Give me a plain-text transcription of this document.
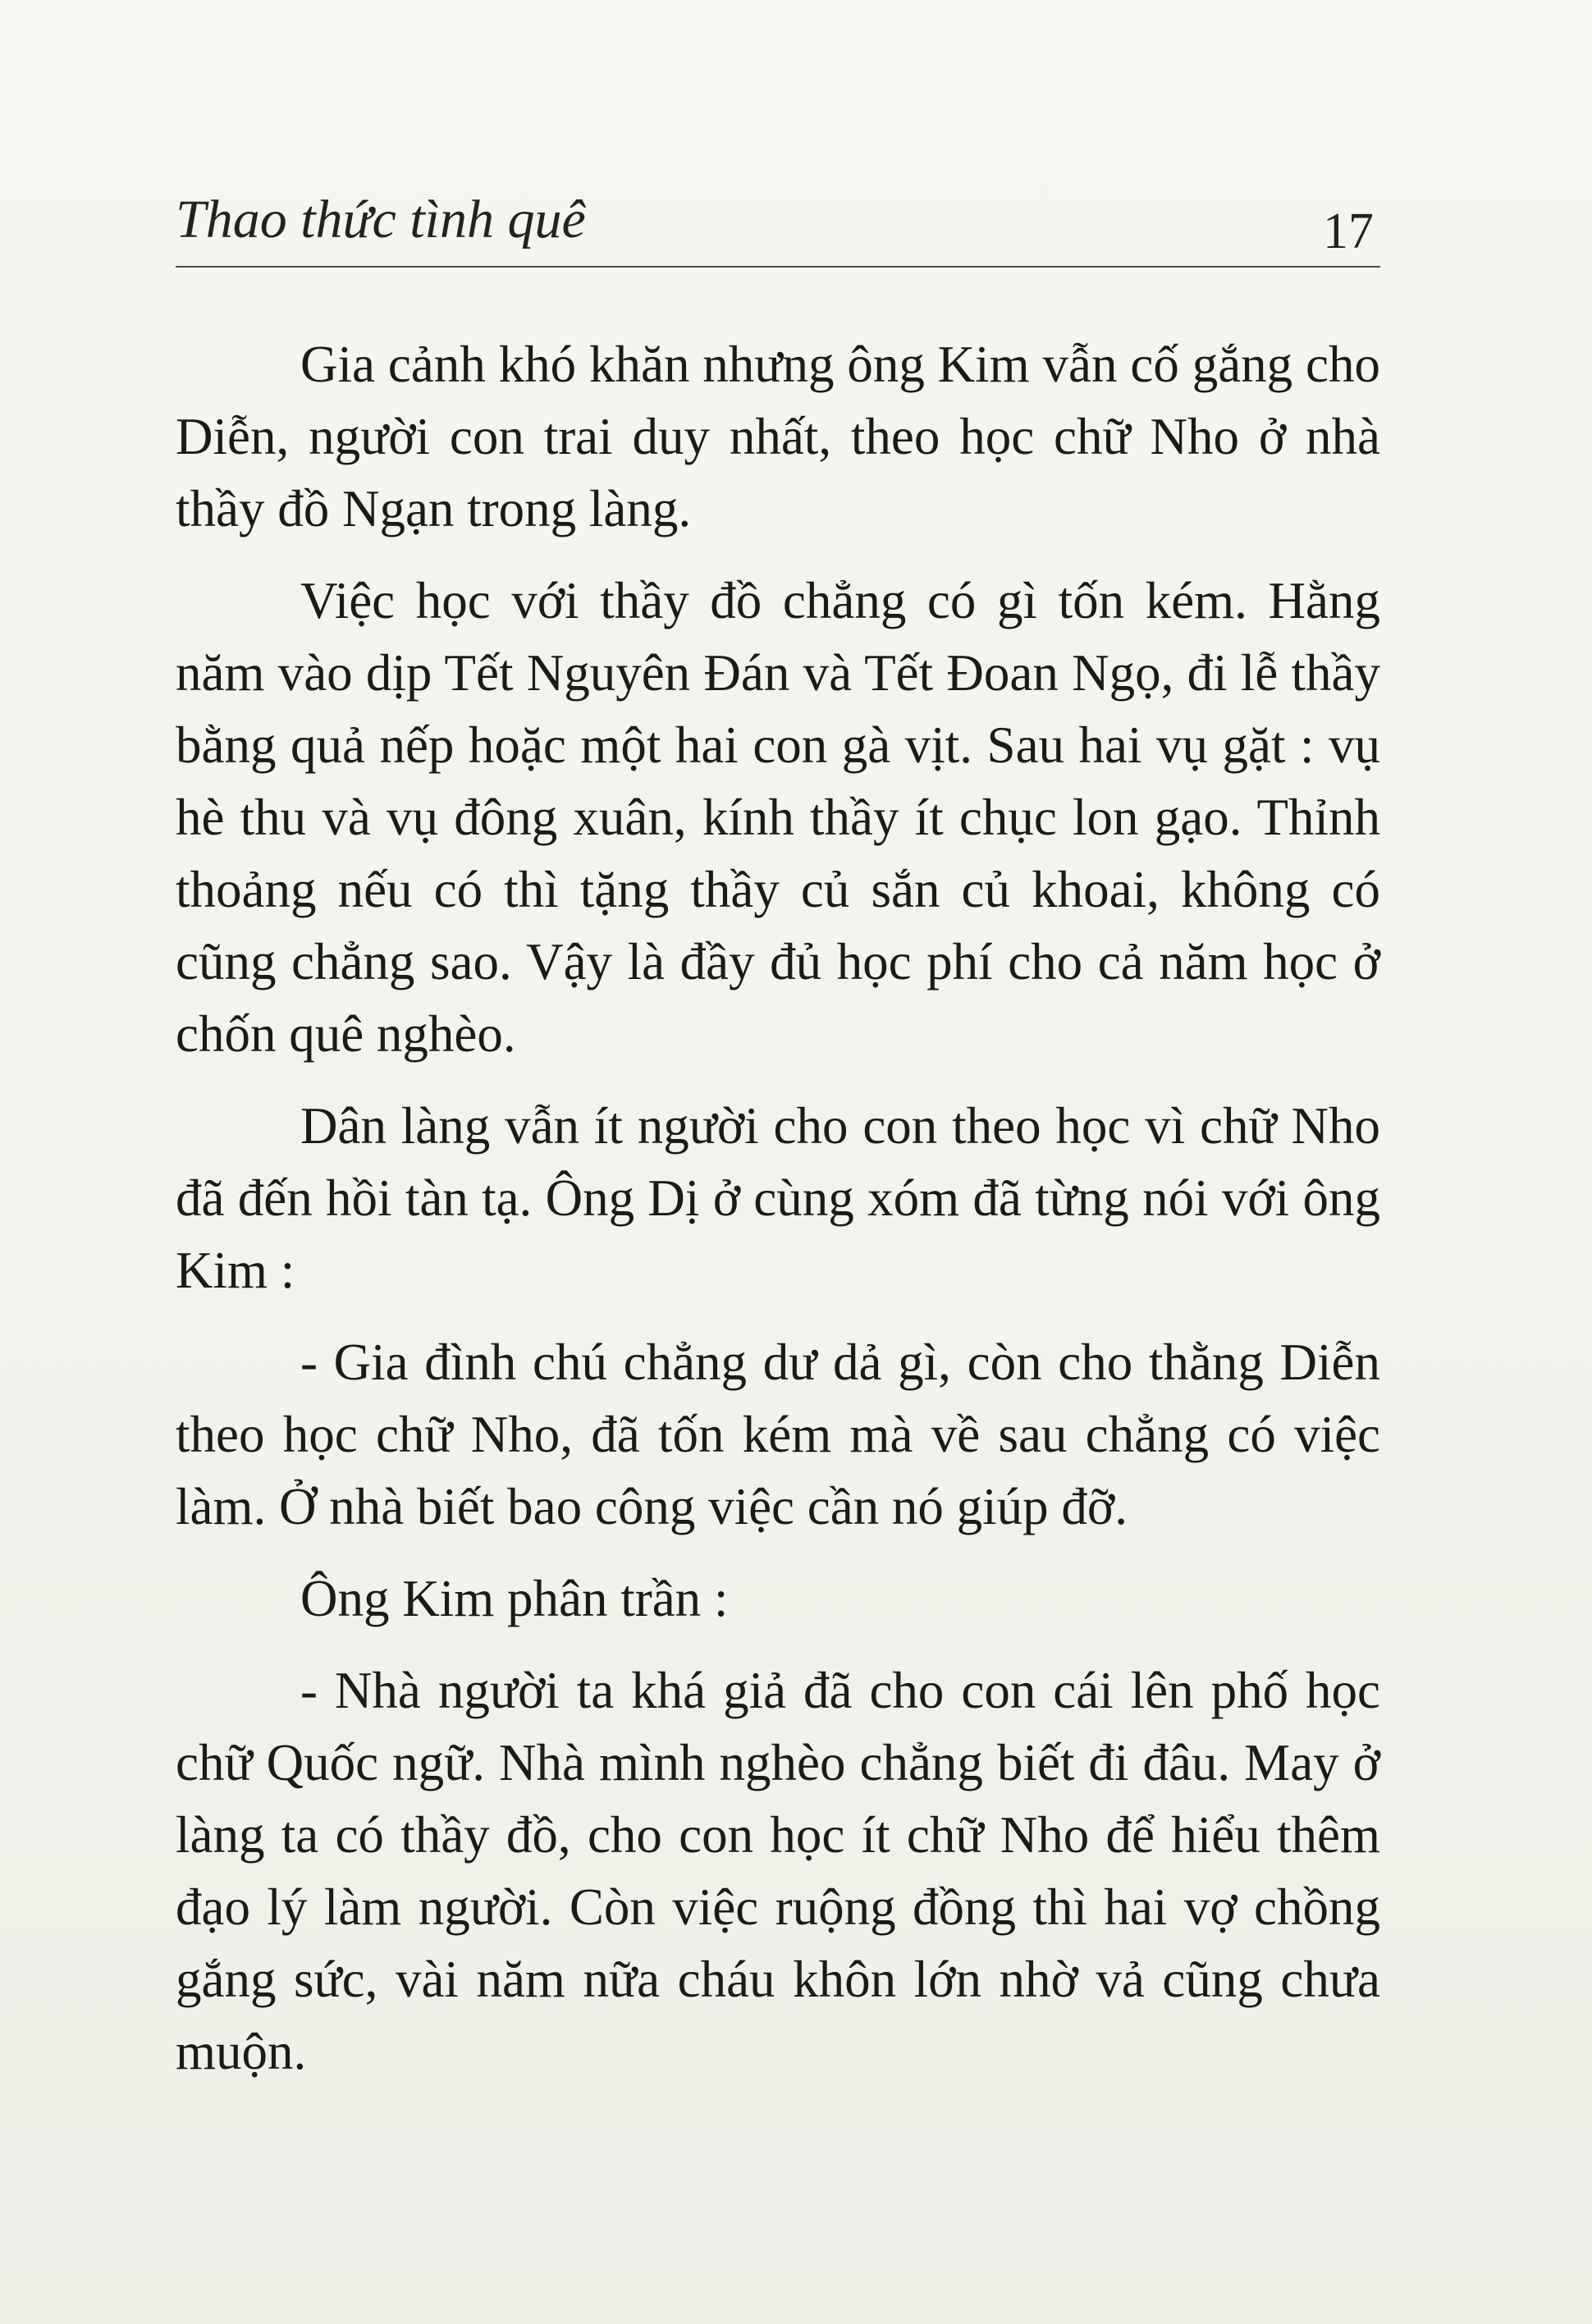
Thao thức tình quê	17

Gia cảnh khó khăn nhưng ông Kim vẫn cố gắng cho Diễn, người con trai duy nhất, theo học chữ Nho ở nhà thầy đồ Ngạn trong làng.

Việc học với thầy đồ chẳng có gì tốn kém. Hằng năm vào dịp Tết Nguyên Đán và Tết Đoan Ngọ, đi lễ thầy bằng quả nếp hoặc một hai con gà vịt. Sau hai vụ gặt : vụ hè thu và vụ đông xuân, kính thầy ít chục lon gạo. Thỉnh thoảng nếu có thì tặng thầy củ sắn củ khoai, không có cũng chẳng sao. Vậy là đầy đủ học phí cho cả năm học ở chốn quê nghèo.

Dân làng vẫn ít người cho con theo học vì chữ Nho đã đến hồi tàn tạ. Ông Dị ở cùng xóm đã từng nói với ông Kim :

- Gia đình chú chẳng dư dả gì, còn cho thằng Diễn theo học chữ Nho, đã tốn kém mà về sau chẳng có việc làm. Ở nhà biết bao công việc cần nó giúp đỡ.

Ông Kim phân trần :

- Nhà người ta khá giả đã cho con cái lên phố học chữ Quốc ngữ. Nhà mình nghèo chẳng biết đi đâu. May ở làng ta có thầy đồ, cho con học ít chữ Nho để hiểu thêm đạo lý làm người. Còn việc ruộng đồng thì hai vợ chồng gắng sức, vài năm nữa cháu khôn lớn nhờ vả cũng chưa muộn.
